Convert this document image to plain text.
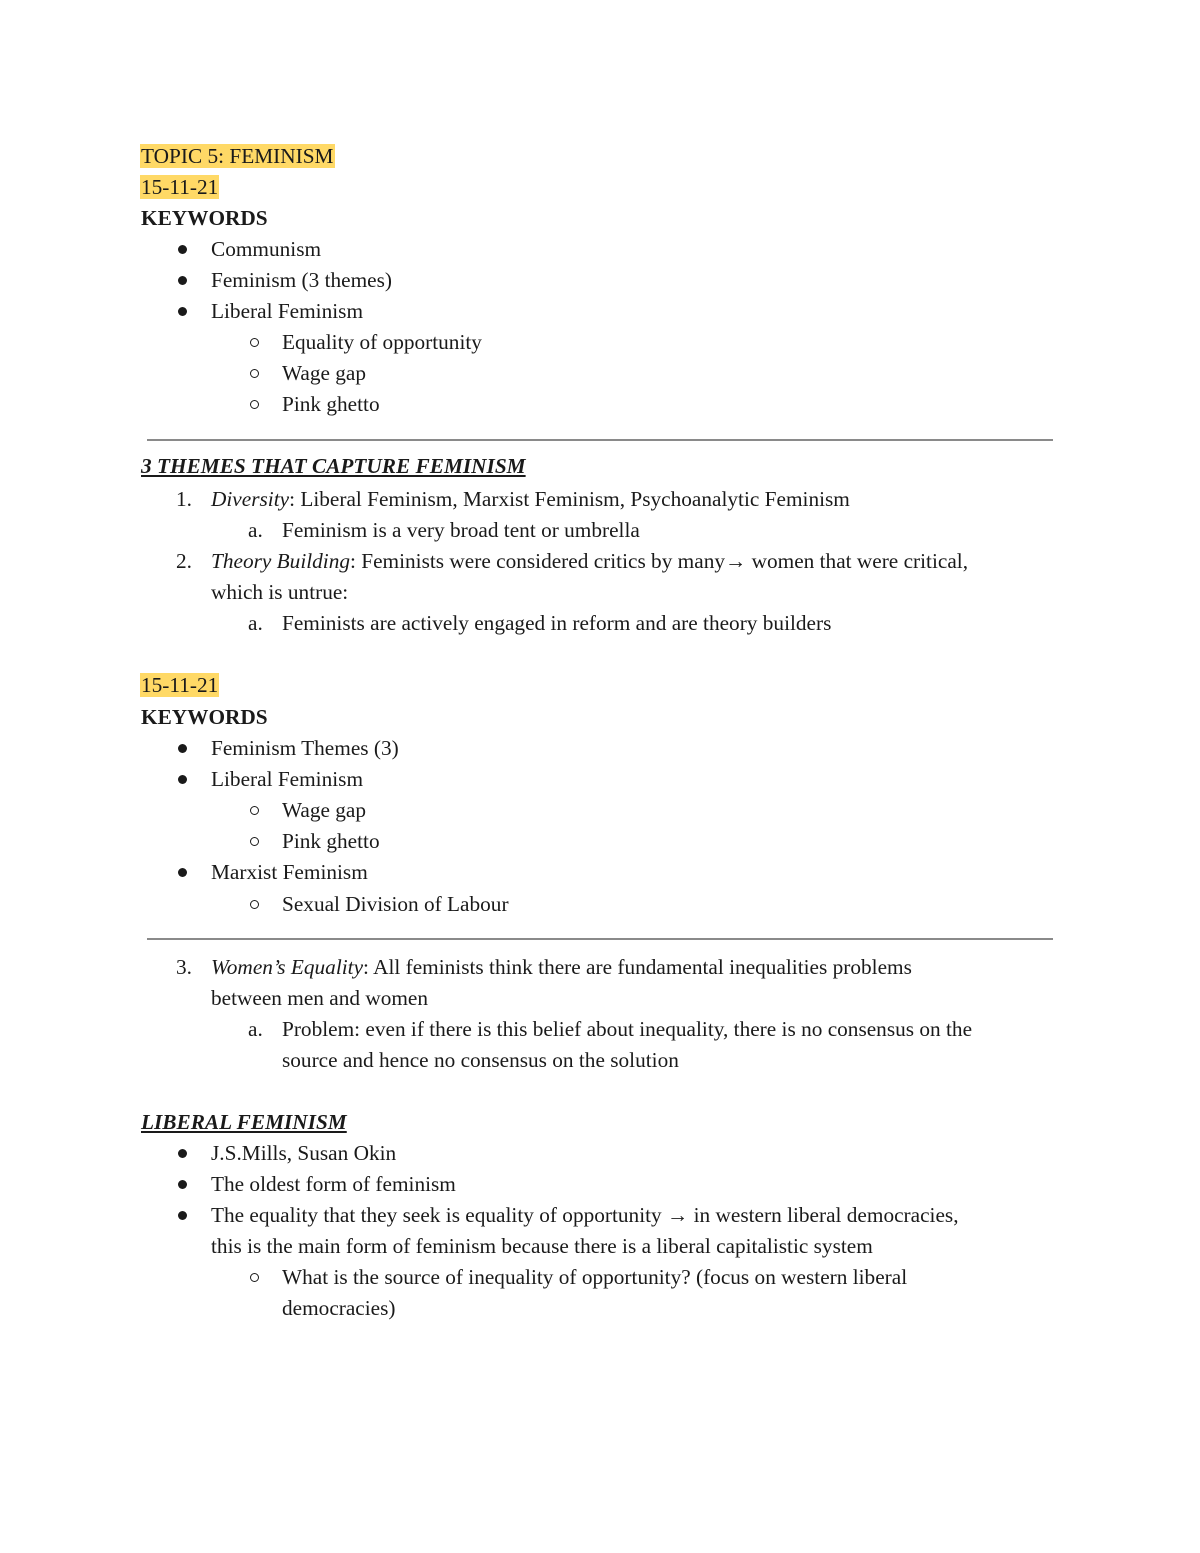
TOPIC 5: FEMINISM
15-11-21
KEYWORDS
Communism
Feminism (3 themes)
Liberal Feminism
Equality of opportunity
Wage gap
Pink ghetto
3 THEMES THAT CAPTURE FEMINISM
1. Diversity: Liberal Feminism, Marxist Feminism, Psychoanalytic Feminism
a. Feminism is a very broad tent or umbrella
2. Theory Building: Feminists were considered critics by many→ women that were critical,
which is untrue:
a. Feminists are actively engaged in reform and are theory builders
15-11-21
KEYWORDS
Feminism Themes (3)
Liberal Feminism
Wage gap
Pink ghetto
Marxist Feminism
Sexual Division of Labour
3. Women’s Equality: All feminists think there are fundamental inequalities problems
between men and women
a. Problem: even if there is this belief about inequality, there is no consensus on the
source and hence no consensus on the solution
LIBERAL FEMINISM
J.S.Mills, Susan Okin
The oldest form of feminism
The equality that they seek is equality of opportunity → in western liberal democracies,
this is the main form of feminism because there is a liberal capitalistic system
What is the source of inequality of opportunity? (focus on western liberal
democracies)
